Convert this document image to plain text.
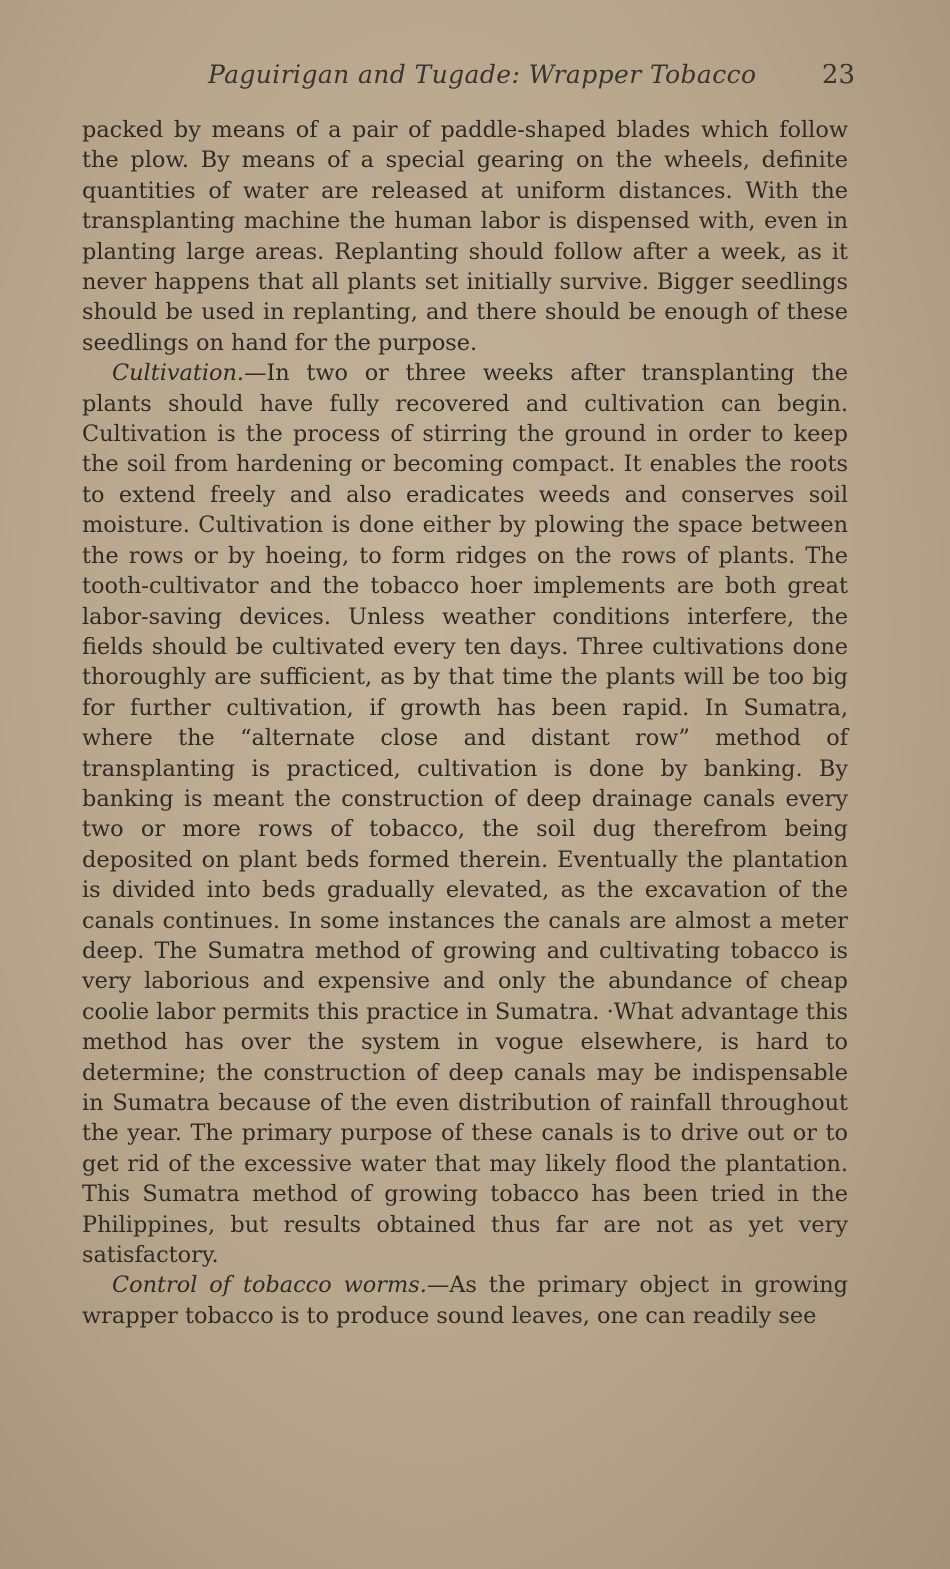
Paguirigan and Tugade: Wrapper Tobacco	23

packed by means of a pair of paddle-shaped blades which follow the plow. By means of a special gearing on the wheels, definite quantities of water are released at uniform distances. With the transplanting machine the human labor is dispensed with, even in planting large areas. Replanting should follow after a week, as it never happens that all plants set initially survive. Bigger seedlings should be used in replanting, and there should be enough of these seedlings on hand for the purpose.

Cultivation.—In two or three weeks after transplanting the plants should have fully recovered and cultivation can begin. Cultivation is the process of stirring the ground in order to keep the soil from hardening or becoming compact. It enables the roots to extend freely and also eradicates weeds and conserves soil moisture. Cultivation is done either by plowing the space between the rows or by hoeing, to form ridges on the rows of plants. The tooth-cultivator and the tobacco hoer implements are both great labor-saving devices. Unless weather conditions interfere, the fields should be cultivated every ten days. Three cultivations done thoroughly are sufficient, as by that time the plants will be too big for further cultivation, if growth has been rapid. In Sumatra, where the “alternate close and distant row” method of transplanting is practiced, cultivation is done by banking. By banking is meant the construction of deep drainage canals every two or more rows of tobacco, the soil dug therefrom being deposited on plant beds formed therein. Eventually the plantation is divided into beds gradually elevated, as the excavation of the canals continues. In some instances the canals are almost a meter deep. The Sumatra method of growing and cultivating tobacco is very laborious and expensive and only the abundance of cheap coolie labor permits this practice in Sumatra. ·What advantage this method has over the system in vogue elsewhere, is hard to determine; the construction of deep canals may be indispensable in Sumatra because of the even distribution of rainfall throughout the year. The primary purpose of these canals is to drive out or to get rid of the excessive water that may likely flood the plantation. This Sumatra method of growing tobacco has been tried in the Philippines, but results obtained thus far are not as yet very satisfactory.

Control of tobacco worms.—As the primary object in growing wrapper tobacco is to produce sound leaves, one can readily see
